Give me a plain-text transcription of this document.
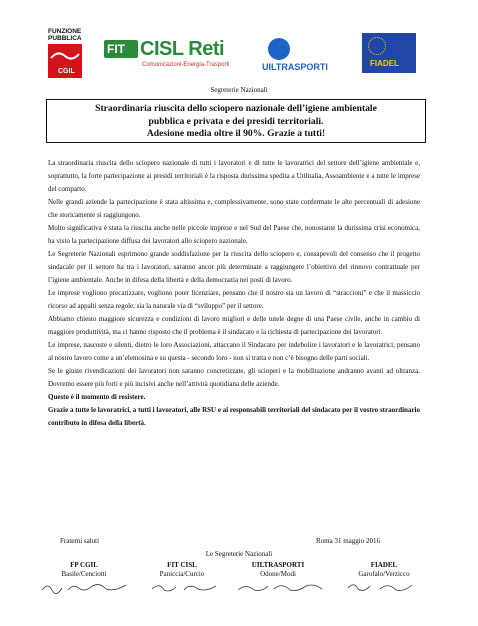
FUNZIONE
PUBBLICA
CGIL
FIT CISL Reti
Comunicazioni-Energia-Trasporti	UILTRASPORTI	FIADEL
Segreterie Nazionali
Straordinaria riuscita dello sciopero nazionale dell’igiene ambientale
pubblica e privata e dei presidi territoriali.
Adesione media oltre il 90%. Grazie a tutti!

La straordinaria riuscita dello sciopero nazionale di tutti i lavoratori e di tutte le lavoratrici del settore dell’igiene ambientale e, soprattutto, la forte partecipazione ai presidi territoriali è la risposta durissima spedita a Utilitalia, Assoambiente e a tutte le imprese del comparto.

Nelle grandi aziende la partecipazione è stata altissima e, complessivamente, sono state confermate le alte percentuali di adesione che storicamente si raggiungono.

Molto significativa è stata la riuscita anche nelle piccole imprese e nel Sud del Paese che, nonostante la durissima crisi economica, ha visto la partecipazione diffusa dei lavoratori allo sciopero nazionale.

Le Segreterie Nazionali esprimono grande soddisfazione per la riuscita dello sciopero e, consapevoli del consenso che il progetto sindacale per il settore ha tra i lavoratori, saranno ancor più determinate a raggiungere l’obiettivo del rinnovo contrattuale per l’igiene ambientale. Anche in difesa della libertà e della democrazia nei posti di lavoro.

Le imprese vogliono precarizzare, vogliono poter licenziare, pensano che il nostro sia un lavoro di “straccioni” e che il massiccio ricorso ad appalti senza regole, sia la naturale via di “sviluppo” per il settore.

Abbiamo chiesto maggiore sicurezza e condizioni di lavoro migliori e delle tutele degne di una Paese civile, anche in cambio di maggiore produttività, ma ci hanno risposto che il problema è il sindacato e la richiesta di partecipazione dei lavoratori.

Le imprese, nascoste e silenti, dietro le loro Associazioni, attaccano il Sindacato per indebolire i lavoratori e le lavoratrici; pensano al nostro lavoro come a un’elemosina e su questa - secondo loro - non si tratta e non c’è bisogno delle parti sociali.

Se le giuste rivendicazioni dei lavoratori non saranno concretizzate, gli scioperi e la mobilitazione andranno avanti ad oltranza. Dovremo essere più forti e più incisivi anche nell’attività quotidiana delle aziende.

Questo è il momento di resistere.

Grazie a tutte le lavoratrici, a tutti i lavoratori, alle RSU e ai responsabili territoriali del sindacato per il vostro straordinario contributo in difesa della libertà.

Fraterni saluti	Roma 31 maggio 2016
Le Segreterie Nazionali
FP CGIL
Basile/Cenciotti
FIT CISL
Paniccia/Curcio
UILTRASPORTI
Odone/Modi
FIADEL
Garofalo/Verzicco
